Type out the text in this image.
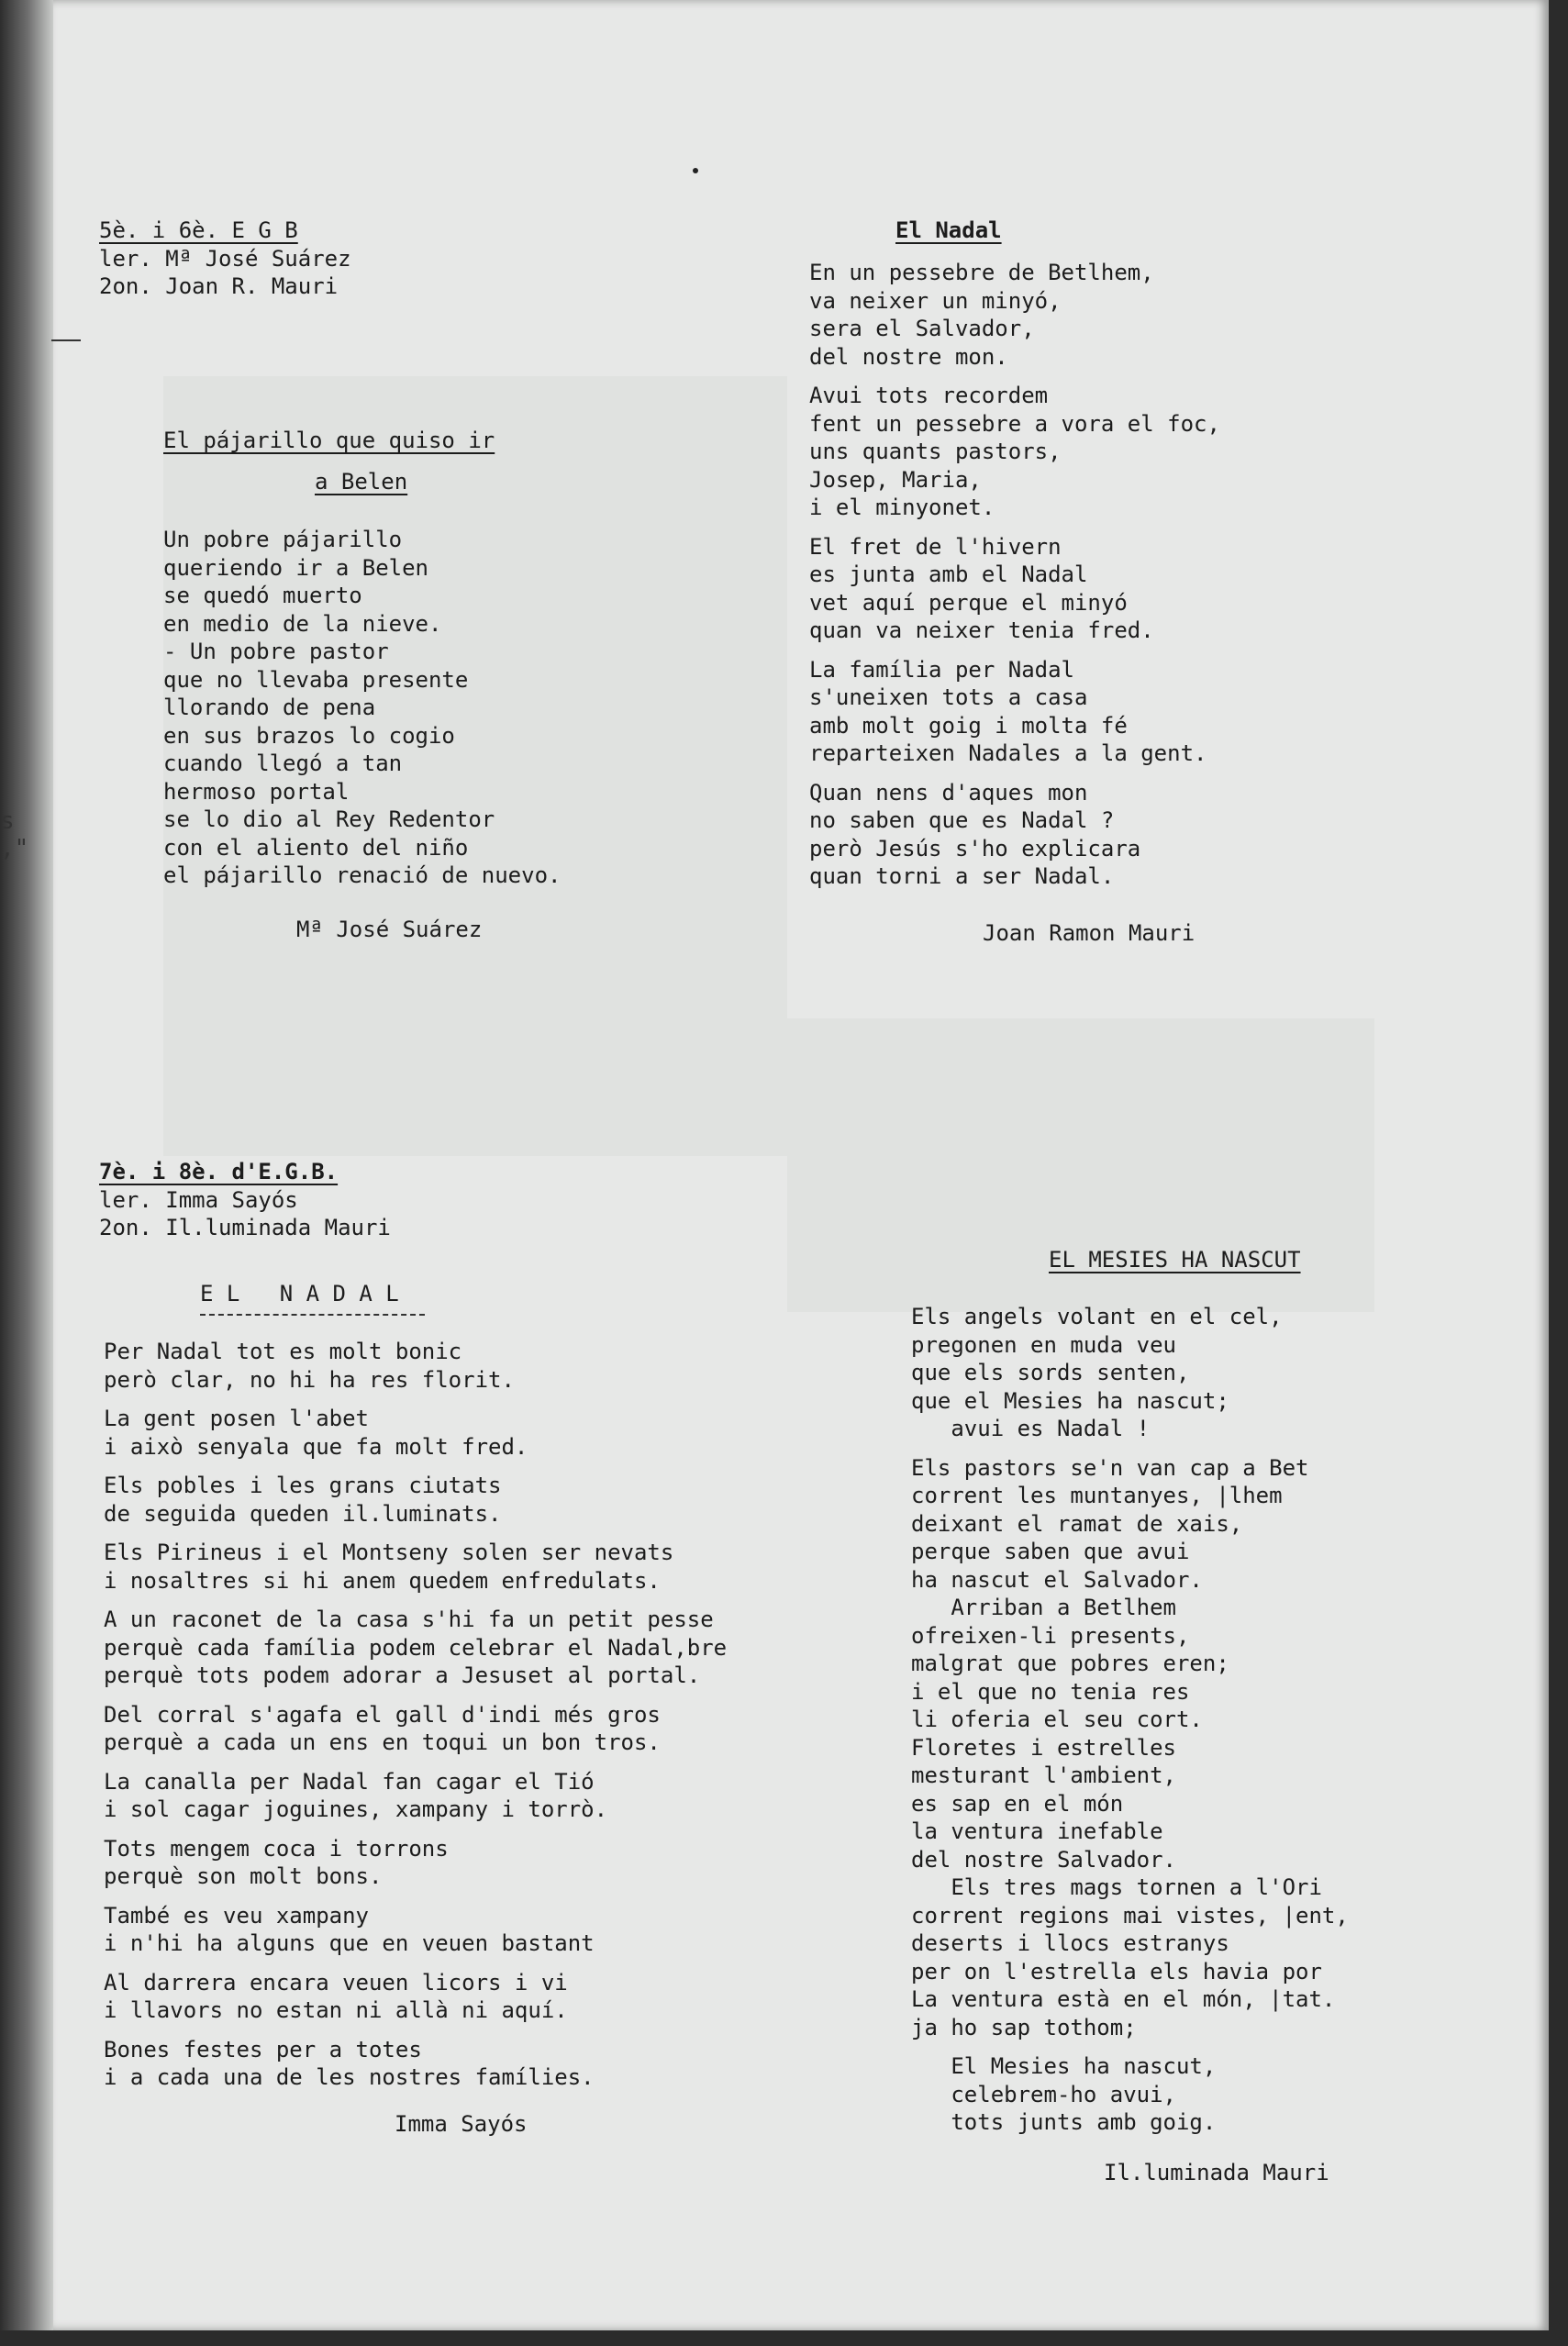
s
,"
5è. i 6è. E G B
ler. Mª José Suárez
2on. Joan R. Mauri
El pájarillo que quiso ir
a Belen
Un pobre pájarillo
queriendo ir a Belen
se quedó muerto
en medio de la nieve.
- Un pobre pastor
que no llevaba presente
llorando de pena
en sus brazos lo cogio
cuando llegó a tan
hermoso portal
se lo dio al Rey Redentor
con el aliento del niño
el pájarillo renació de nuevo.
Mª José Suárez
7è. i 8è. d'E.G.B.
ler. Imma Sayós
2on. Il.luminada Mauri
E L   N A D A L
Per Nadal tot es molt bonic
però clar, no hi ha res florit.
La gent posen l'abet
i això senyala que fa molt fred.
Els pobles i les grans ciutats
de seguida queden il.luminats.
Els Pirineus i el Montseny solen ser nevats
i nosaltres si hi anem quedem enfredulats.
A un raconet de la casa s'hi fa un petit pesse
perquè cada família podem celebrar el Nadal,bre
perquè tots podem adorar a Jesuset al portal.
Del corral s'agafa el gall d'indi més gros
perquè a cada un ens en toqui un bon tros.
La canalla per Nadal fan cagar el Tió
i sol cagar joguines, xampany i torrò.
Tots mengem coca i torrons
perquè son molt bons.
També es veu xampany
i n'hi ha alguns que en veuen bastant
Al darrera encara veuen licors i vi
i llavors no estan ni allà ni aquí.
Bones festes per a totes
i a cada una de les nostres famílies.
Imma Sayós
El Nadal
En un pessebre de Betlhem,
va neixer un minyó,
sera el Salvador,
del nostre mon.
Avui tots recordem
fent un pessebre a vora el foc,
uns quants pastors,
Josep, Maria,
i el minyonet.
El fret de l'hivern
es junta amb el Nadal
vet aquí perque el minyó
quan va neixer tenia fred.
La família per Nadal
s'uneixen tots a casa
amb molt goig i molta fé
reparteixen Nadales a la gent.
Quan nens d'aques mon
no saben que es Nadal ?
però Jesús s'ho explicara
quan torni a ser Nadal.
Joan Ramon Mauri
EL MESIES HA NASCUT
Els angels volant en el cel,
pregonen en muda veu
que els sords senten,
que el Mesies ha nascut;
avui es Nadal !
Els pastors se'n van cap a Bet
corrent les muntanyes, |lhem
deixant el ramat de xais,
perque saben que avui
ha nascut el Salvador.
Arriban a Betlhem
ofreixen-li presents,
malgrat que pobres eren;
i el que no tenia res
li oferia el seu cort.
Floretes i estrelles
mesturant l'ambient,
es sap en el món
la ventura inefable
del nostre Salvador.
Els tres mags tornen a l'Ori
corrent regions mai vistes, |ent,
deserts i llocs estranys
per on l'estrella els havia por
La ventura està en el món, |tat.
ja ho sap tothom;
El Mesies ha nascut,
celebrem-ho avui,
tots junts amb goig.
Il.luminada Mauri
